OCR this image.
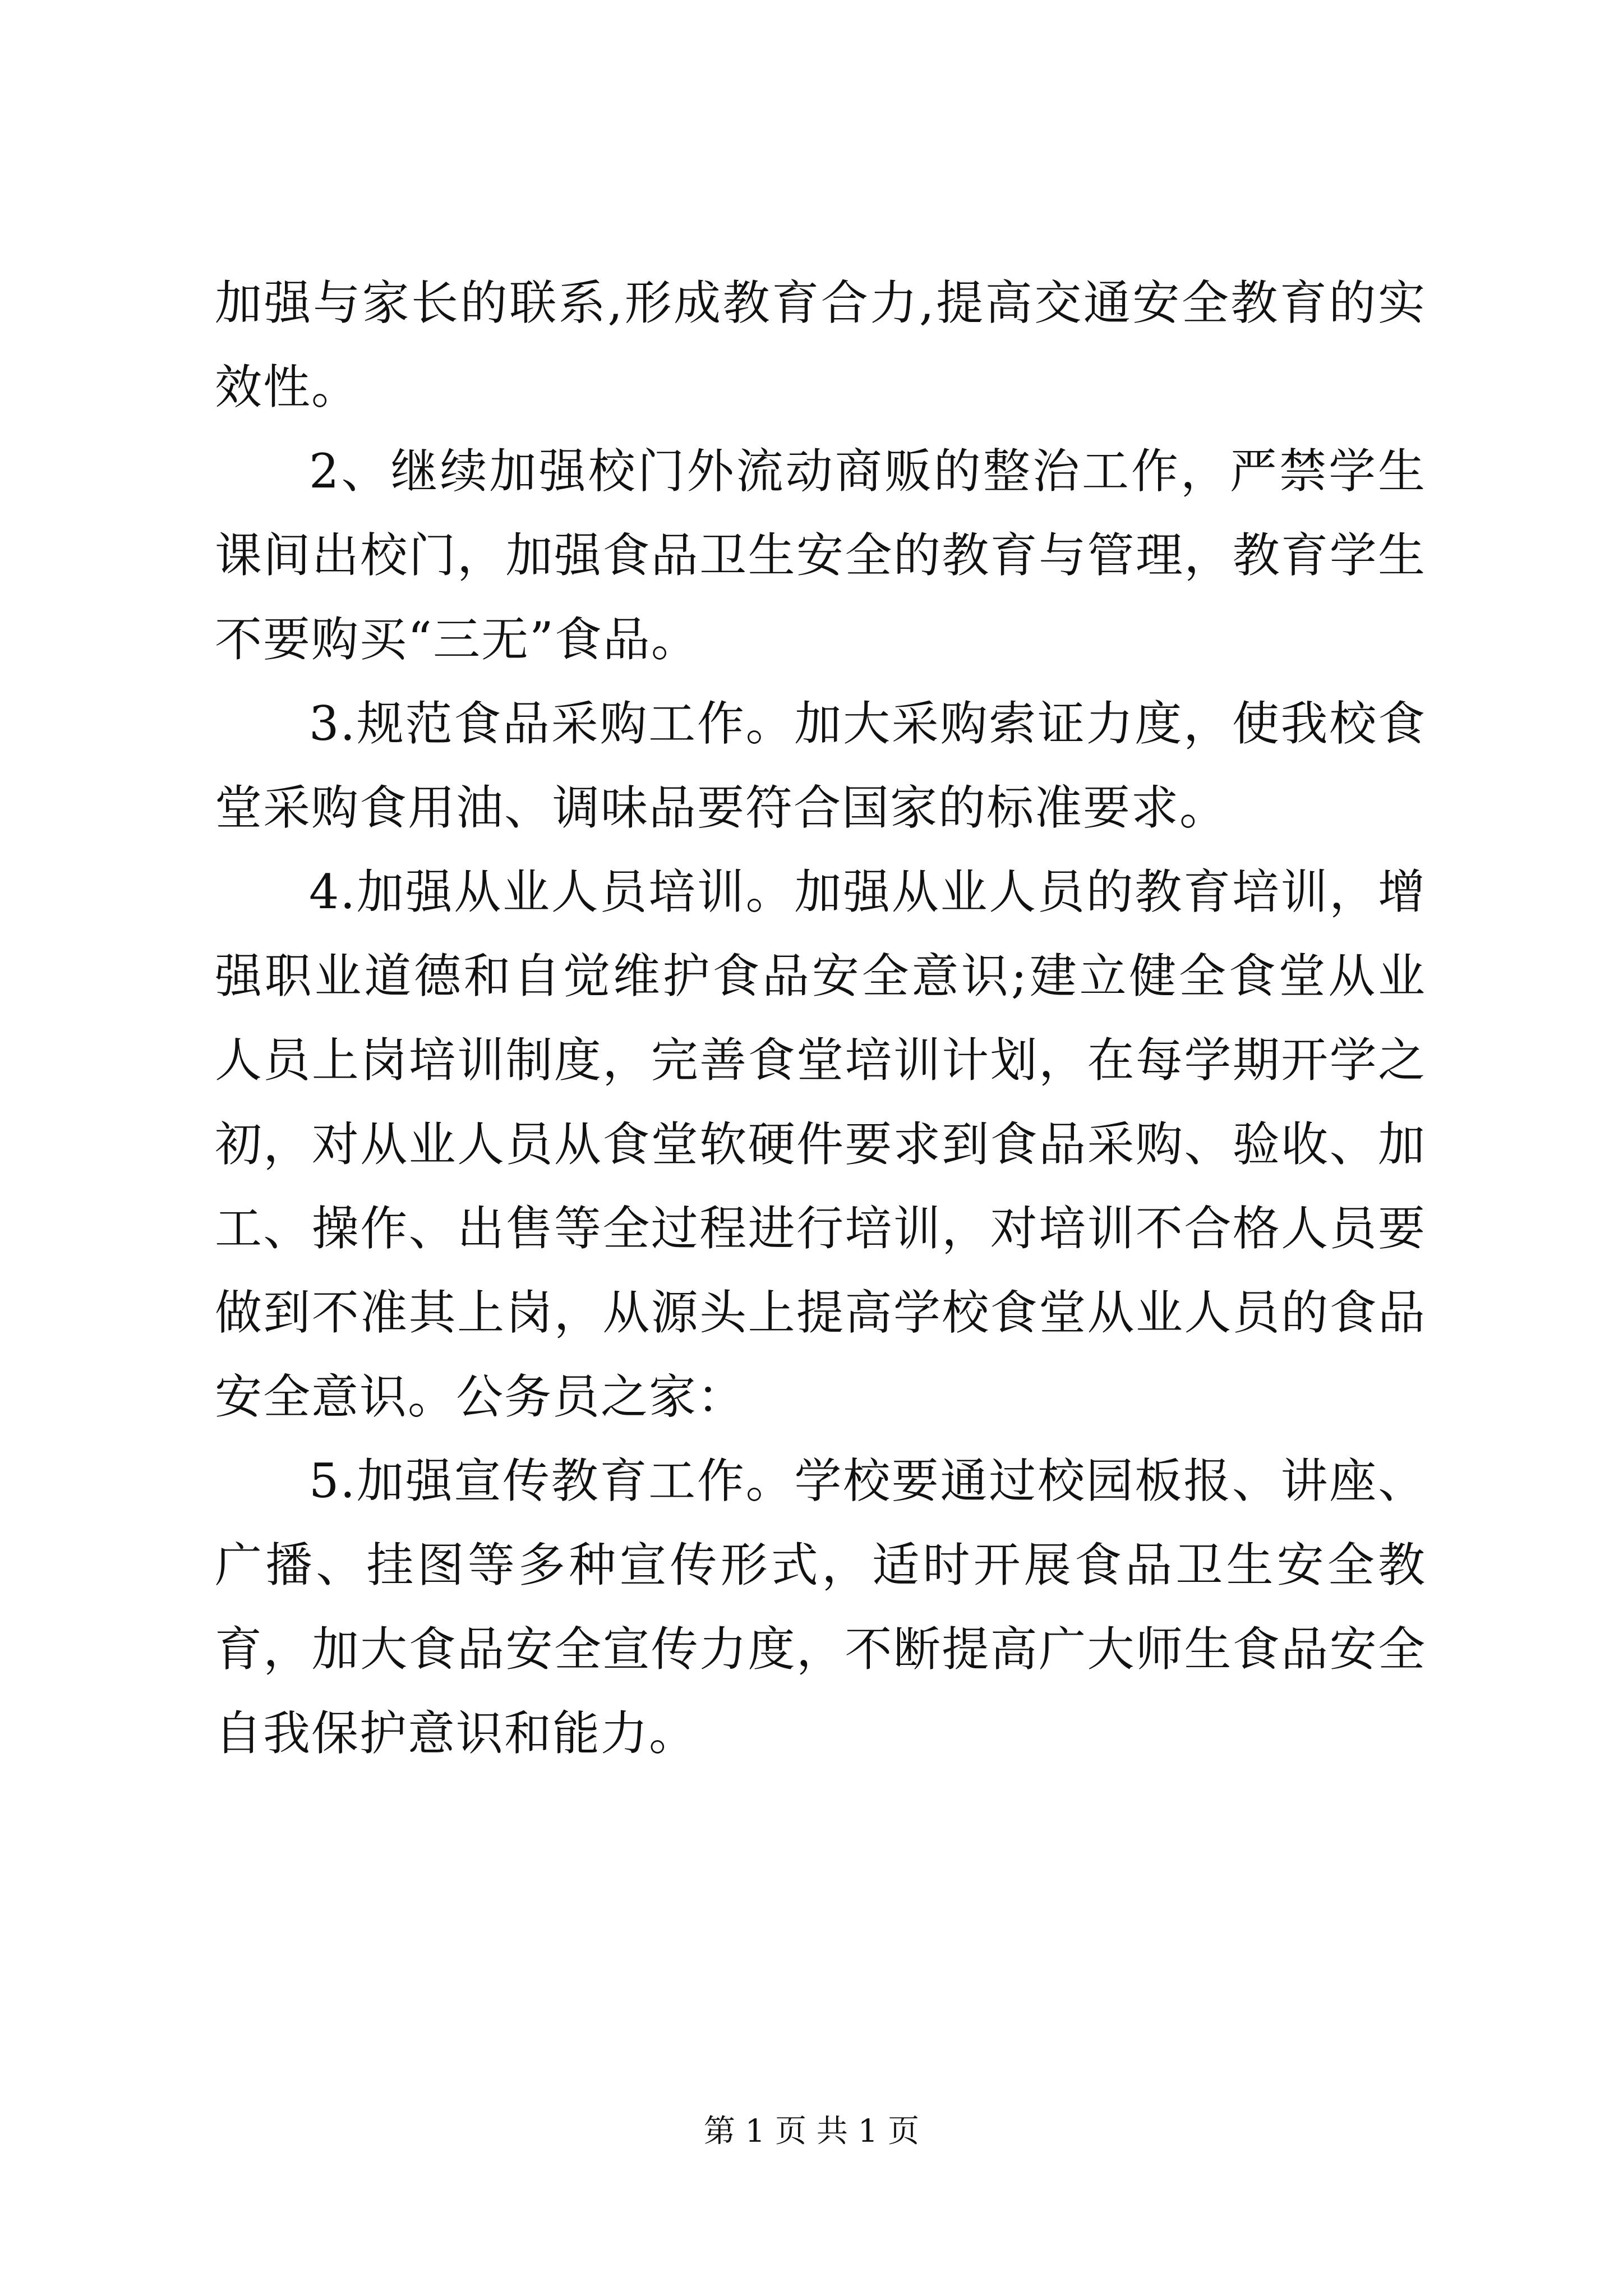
加强与家长的联系,形成教育合力,提高交通安全教育的实效性。

2、继续加强校门外流动商贩的整治工作，严禁学生课间出校门，加强食品卫生安全的教育与管理，教育学生不要购买“三无”食品。

3.规范食品采购工作。加大采购索证力度，使我校食堂采购食用油、调味品要符合国家的标准要求。

4.加强从业人员培训。加强从业人员的教育培训，增强职业道德和自觉维护食品安全意识;建立健全食堂从业人员上岗培训制度，完善食堂培训计划，在每学期开学之初，对从业人员从食堂软硬件要求到食品采购、验收、加工、操作、出售等全过程进行培训，对培训不合格人员要做到不准其上岗，从源头上提高学校食堂从业人员的食品安全意识。公务员之家：

5.加强宣传教育工作。学校要通过校园板报、讲座、广播、挂图等多种宣传形式，适时开展食品卫生安全教育，加大食品安全宣传力度，不断提高广大师生食品安全自我保护意识和能力。

第 1 页 共 1 页
